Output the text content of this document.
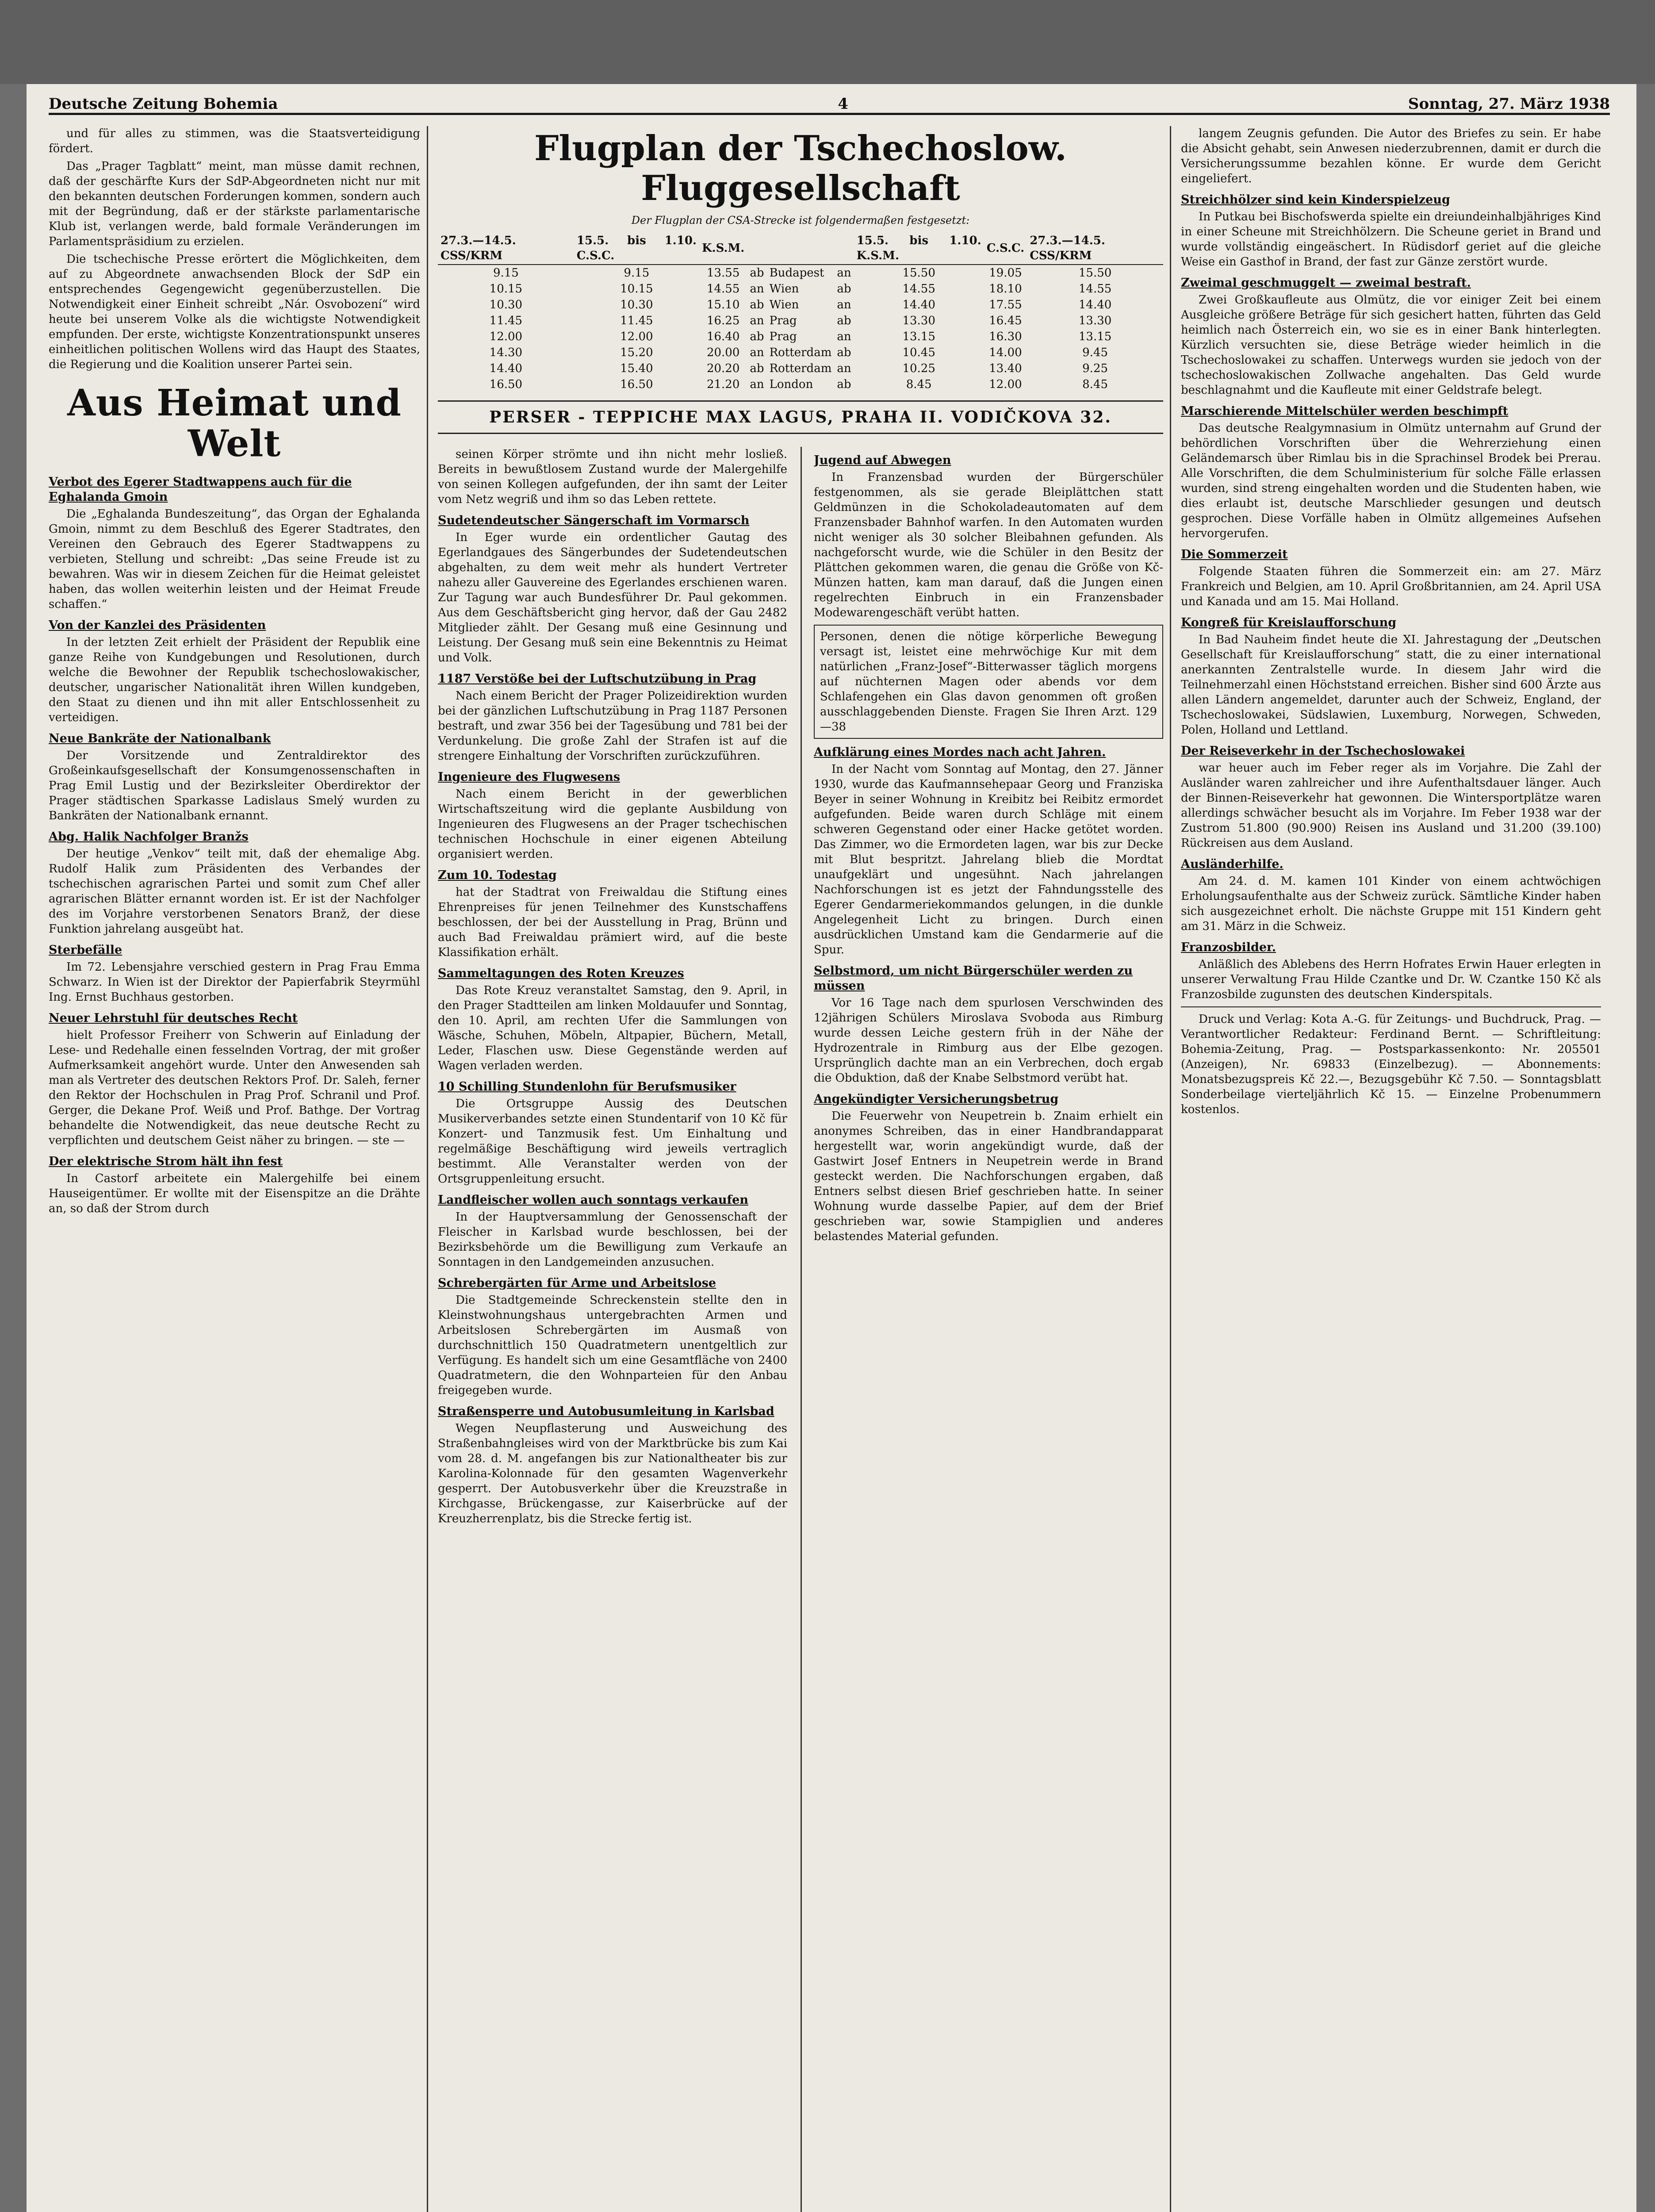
Deutsche Zeitung Bohemia	4	Sonntag, 27. März 1938

und für alles zu stimmen, was die Staatsverteidigung fördert.

Das „Prager Tagblatt“ meint, man müsse damit rechnen, daß der geschärfte Kurs der SdP-Abgeordneten nicht nur mit den bekannten deutschen Forderungen kommen, sondern auch mit der Begründung, daß er der stärkste parlamentarische Klub ist, verlangen werde, bald formale Veränderungen im Parlamentspräsidium zu erzielen.

Die tschechische Presse erörtert die Möglichkeiten, dem auf zu Abgeordnete anwachsenden Block der SdP ein entsprechendes Gegengewicht gegenüberzustellen. Die Notwendigkeit einer Einheit schreibt „Nár. Osvobození“ wird heute bei unserem Volke als die wichtigste Notwendigkeit empfunden. Der erste, wichtigste Konzentrationspunkt unseres einheitlichen politischen Wollens wird das Haupt des Staates, die Regierung und die Koalition unserer Partei sein.

Aus Heimat und Welt
Verbot des Egerer Stadtwappens auch für die Eghalanda Gmoin

Die „Eghalanda Bundeszeitung“, das Organ der Eghalanda Gmoin, nimmt zu dem Beschluß des Egerer Stadtrates, den Vereinen den Gebrauch des Egerer Stadtwappens zu verbieten, Stellung und schreibt: „Das seine Freude ist zu bewahren. Was wir in diesem Zeichen für die Heimat geleistet haben, das wollen weiterhin leisten und der Heimat Freude schaffen.“

Von der Kanzlei des Präsidenten

In der letzten Zeit erhielt der Präsident der Republik eine ganze Reihe von Kundgebungen und Resolutionen, durch welche die Bewohner der Republik tschechoslowakischer, deutscher, ungarischer Nationalität ihren Willen kundgeben, den Staat zu dienen und ihn mit aller Entschlossenheit zu verteidigen.

Neue Bankräte der Nationalbank

Der Vorsitzende und Zentraldirektor des Großeinkaufsgesellschaft der Konsumgenossenschaften in Prag Emil Lustig und der Bezirksleiter Oberdirektor der Prager städtischen Sparkasse Ladislaus Smelý wurden zu Bankräten der Nationalbank ernannt.

Abg. Halik Nachfolger Branžs

Der heutige „Venkov“ teilt mit, daß der ehemalige Abg. Rudolf Halik zum Präsidenten des Verbandes der tschechischen agrarischen Partei und somit zum Chef aller agrarischen Blätter ernannt worden ist. Er ist der Nachfolger des im Vorjahre verstorbenen Senators Branž, der diese Funktion jahrelang ausgeübt hat.

Sterbefälle

Im 72. Lebensjahre verschied gestern in Prag Frau Emma Schwarz. In Wien ist der Direktor der Papierfabrik Steyrmühl Ing. Ernst Buchhaus gestorben.

Neuer Lehrstuhl für deutsches Recht

hielt Professor Freiherr von Schwerin auf Einladung der Lese- und Redehalle einen fesselnden Vortrag, der mit großer Aufmerksamkeit angehört wurde. Unter den Anwesenden sah man als Vertreter des deutschen Rektors Prof. Dr. Saleh, ferner den Rektor der Hochschulen in Prag Prof. Schranil und Prof. Gerger, die Dekane Prof. Weiß und Prof. Bathge. Der Vortrag behandelte die Notwendigkeit, das neue deutsche Recht zu verpflichten und deutschem Geist näher zu bringen. — ste —

Der elektrische Strom hält ihn fest

In Castorf arbeitete ein Malergehilfe bei einem Hauseigentümer. Er wollte mit der Eisenspitze an die Drähte an, so daß der Strom durch

Flugplan der Tschechoslow. Fluggesellschaft
Der Flugplan der CSA-Strecke ist folgendermaßen festgesetzt:
27.3.—14.5. CSS/KRM	15.5. bis 1.10. C.S.C.	K.S.M.				15.5. bis 1.10. K.S.M.	C.S.C.	27.3.—14.5. CSS/KRM
9.15	9.15	13.55	ab	Budapest	an	15.50	19.05	15.50
10.15	10.15	14.55	an	Wien	ab	14.55	18.10	14.55
10.30	10.30	15.10	ab	Wien	an	14.40	17.55	14.40
11.45	11.45	16.25	an	Prag	ab	13.30	16.45	13.30
12.00	12.00	16.40	ab	Prag	an	13.15	16.30	13.15
14.30	15.20	20.00	an	Rotterdam	ab	10.45	14.00	9.45
14.40	15.40	20.20	ab	Rotterdam	an	10.25	13.40	9.25
16.50	16.50	21.20	an	London	ab	8.45	12.00	8.45
PERSER - TEPPICHE MAX LAGUS, PRAHA II. VODIČKOVA 32.

seinen Körper strömte und ihn nicht mehr losließ. Bereits in bewußtlosem Zustand wurde der Malergehilfe von seinen Kollegen aufgefunden, der ihn samt der Leiter vom Netz wegriß und ihm so das Leben rettete.

Sudetendeutscher Sängerschaft im Vormarsch

In Eger wurde ein ordentlicher Gautag des Egerlandgaues des Sängerbundes der Sudetendeutschen abgehalten, zu dem weit mehr als hundert Vertreter nahezu aller Gauvereine des Egerlandes erschienen waren. Zur Tagung war auch Bundesführer Dr. Paul gekommen. Aus dem Geschäftsbericht ging hervor, daß der Gau 2482 Mitglieder zählt. Der Gesang muß eine Gesinnung und Leistung. Der Gesang muß sein eine Bekenntnis zu Heimat und Volk.

1187 Verstöße bei der Luftschutzübung in Prag

Nach einem Bericht der Prager Polizeidirektion wurden bei der gänzlichen Luftschutzübung in Prag 1187 Personen bestraft, und zwar 356 bei der Tagesübung und 781 bei der Verdunkelung. Die große Zahl der Strafen ist auf die strengere Einhaltung der Vorschriften zurückzuführen.

Ingenieure des Flugwesens

Nach einem Bericht in der gewerblichen Wirtschaftszeitung wird die geplante Ausbildung von Ingenieuren des Flugwesens an der Prager tschechischen technischen Hochschule in einer eigenen Abteilung organisiert werden.

Zum 10. Todestag

hat der Stadtrat von Freiwaldau die Stiftung eines Ehrenpreises für jenen Teilnehmer des Kunstschaffens beschlossen, der bei der Ausstellung in Prag, Brünn und auch Bad Freiwaldau prämiert wird, auf die beste Klassifikation erhält.

Sammeltagungen des Roten Kreuzes

Das Rote Kreuz veranstaltet Samstag, den 9. April, in den Prager Stadtteilen am linken Moldauufer und Sonntag, den 10. April, am rechten Ufer die Sammlungen von Wäsche, Schuhen, Möbeln, Altpapier, Büchern, Metall, Leder, Flaschen usw. Diese Gegenstände werden auf Wagen verladen werden.

10 Schilling Stundenlohn für Berufsmusiker

Die Ortsgruppe Aussig des Deutschen Musikerverbandes setzte einen Stundentarif von 10 Kč für Konzert- und Tanzmusik fest. Um Einhaltung und regelmäßige Beschäftigung wird jeweils vertraglich bestimmt. Alle Veranstalter werden von der Ortsgruppenleitung ersucht.

Landfleischer wollen auch sonntags verkaufen

In der Hauptversammlung der Genossenschaft der Fleischer in Karlsbad wurde beschlossen, bei der Bezirksbehörde um die Bewilligung zum Verkaufe an Sonntagen in den Landgemeinden anzusuchen.

Schrebergärten für Arme und Arbeitslose

Die Stadtgemeinde Schreckenstein stellte den in Kleinstwohnungshaus untergebrachten Armen und Arbeitslosen Schrebergärten im Ausmaß von durchschnittlich 150 Quadratmetern unentgeltlich zur Verfügung. Es handelt sich um eine Gesamtfläche von 2400 Quadratmetern, die den Wohnparteien für den Anbau freigegeben wurde.

Straßensperre und Autobusumleitung in Karlsbad

Wegen Neupflasterung und Ausweichung des Straßenbahngleises wird von der Marktbrücke bis zum Kai vom 28. d. M. angefangen bis zur Nationaltheater bis zur Karolina-Kolonnade für den gesamten Wagenverkehr gesperrt. Der Autobusverkehr über die Kreuzstraße in Kirchgasse, Brückengasse, zur Kaiserbrücke auf der Kreuzherrenplatz, bis die Strecke fertig ist.

Jugend auf Abwegen

In Franzensbad wurden der Bürgerschüler festgenommen, als sie gerade Bleiplättchen statt Geldmünzen in die Schokoladeautomaten auf dem Franzensbader Bahnhof warfen. In den Automaten wurden nicht weniger als 30 solcher Bleibahnen gefunden. Als nachgeforscht wurde, wie die Schüler in den Besitz der Plättchen gekommen waren, die genau die Größe von Kč-Münzen hatten, kam man darauf, daß die Jungen einen regelrechten Einbruch in ein Franzensbader Modewarengeschäft verübt hatten.

Personen, denen die nötige körperliche Bewegung versagt ist, leistet eine mehrwöchige Kur mit dem natürlichen „Franz-Josef“-Bitterwasser täglich morgens auf nüchternen Magen oder abends vor dem Schlafengehen ein Glas davon genommen oft großen ausschlaggebenden Dienste. Fragen Sie Ihren Arzt. 129—38
Aufklärung eines Mordes nach acht Jahren.

In der Nacht vom Sonntag auf Montag, den 27. Jänner 1930, wurde das Kaufmannsehepaar Georg und Franziska Beyer in seiner Wohnung in Kreibitz bei Reibitz ermordet aufgefunden. Beide waren durch Schläge mit einem schweren Gegenstand oder einer Hacke getötet worden. Das Zimmer, wo die Ermordeten lagen, war bis zur Decke mit Blut bespritzt. Jahrelang blieb die Mordtat unaufgeklärt und ungesühnt. Nach jahrelangen Nachforschungen ist es jetzt der Fahndungsstelle des Egerer Gendarmeriekommandos gelungen, in die dunkle Angelegenheit Licht zu bringen. Durch einen ausdrücklichen Umstand kam die Gendarmerie auf die Spur.

Selbstmord, um nicht Bürgerschüler werden zu müssen

Vor 16 Tage nach dem spurlosen Verschwinden des 12jährigen Schülers Miroslava Svoboda aus Rimburg wurde dessen Leiche gestern früh in der Nähe der Hydrozentrale in Rimburg aus der Elbe gezogen. Ursprünglich dachte man an ein Verbrechen, doch ergab die Obduktion, daß der Knabe Selbstmord verübt hat.

Angekündigter Versicherungsbetrug

Die Feuerwehr von Neupetrein b. Znaim erhielt ein anonymes Schreiben, das in einer Handbrandapparat hergestellt war, worin angekündigt wurde, daß der Gastwirt Josef Entners in Neupetrein werde in Brand gesteckt werden. Die Nachforschungen ergaben, daß Entners selbst diesen Brief geschrieben hatte. In seiner Wohnung wurde dasselbe Papier, auf dem der Brief geschrieben war, sowie Stampiglien und anderes belastendes Material gefunden.

langem Zeugnis gefunden. Die Autor des Briefes zu sein. Er habe die Absicht gehabt, sein Anwesen niederzubrennen, damit er durch die Versicherungssumme bezahlen könne. Er wurde dem Gericht eingeliefert.

Streichhölzer sind kein Kinderspielzeug

In Putkau bei Bischofswerda spielte ein dreiundeinhalbjähriges Kind in einer Scheune mit Streichhölzern. Die Scheune geriet in Brand und wurde vollständig eingeäschert. In Rüdisdorf geriet auf die gleiche Weise ein Gasthof in Brand, der fast zur Gänze zerstört wurde.

Zweimal geschmuggelt — zweimal bestraft.

Zwei Großkaufleute aus Olmütz, die vor einiger Zeit bei einem Ausgleiche größere Beträge für sich gesichert hatten, führten das Geld heimlich nach Österreich ein, wo sie es in einer Bank hinterlegten. Kürzlich versuchten sie, diese Beträge wieder heimlich in die Tschechoslowakei zu schaffen. Unterwegs wurden sie jedoch von der tschechoslowakischen Zollwache angehalten. Das Geld wurde beschlagnahmt und die Kaufleute mit einer Geldstrafe belegt.

Marschierende Mittelschüler werden beschimpft

Das deutsche Realgymnasium in Olmütz unternahm auf Grund der behördlichen Vorschriften über die Wehrerziehung einen Geländemarsch über Rimlau bis in die Sprachinsel Brodek bei Prerau. Alle Vorschriften, die dem Schulministerium für solche Fälle erlassen wurden, sind streng eingehalten worden und die Studenten haben, wie dies erlaubt ist, deutsche Marschlieder gesungen und deutsch gesprochen. Diese Vorfälle haben in Olmütz allgemeines Aufsehen hervorgerufen.

Die Sommerzeit

Folgende Staaten führen die Sommerzeit ein: am 27. März Frankreich und Belgien, am 10. April Großbritannien, am 24. April USA und Kanada und am 15. Mai Holland.

Kongreß für Kreislaufforschung

In Bad Nauheim findet heute die XI. Jahrestagung der „Deutschen Gesellschaft für Kreislaufforschung“ statt, die zu einer international anerkannten Zentralstelle wurde. In diesem Jahr wird die Teilnehmerzahl einen Höchststand erreichen. Bisher sind 600 Ärzte aus allen Ländern angemeldet, darunter auch der Schweiz, England, der Tschechoslowakei, Südslawien, Luxemburg, Norwegen, Schweden, Polen, Holland und Lettland.

Der Reiseverkehr in der Tschechoslowakei

war heuer auch im Feber reger als im Vorjahre. Die Zahl der Ausländer waren zahlreicher und ihre Aufenthaltsdauer länger. Auch der Binnen-Reiseverkehr hat gewonnen. Die Wintersportplätze waren allerdings schwächer besucht als im Vorjahre. Im Feber 1938 war der Zustrom 51.800 (90.900) Reisen ins Ausland und 31.200 (39.100) Rückreisen aus dem Ausland.

Ausländerhilfe.

Am 24. d. M. kamen 101 Kinder von einem achtwöchigen Erholungsaufenthalte aus der Schweiz zurück. Sämtliche Kinder haben sich ausgezeichnet erholt. Die nächste Gruppe mit 151 Kindern geht am 31. März in die Schweiz.

Franzosbilder.

Anläßlich des Ablebens des Herrn Hofrates Erwin Hauer erlegten in unserer Verwaltung Frau Hilde Czantke und Dr. W. Czantke 150 Kč als Franzosbilde zugunsten des deutschen Kinderspitals.

Druck und Verlag: Kota A.-G. für Zeitungs- und Buchdruck, Prag. — Verantwortlicher Redakteur: Ferdinand Bernt. — Schriftleitung: Bohemia-Zeitung, Prag. — Postsparkassenkonto: Nr. 205501 (Anzeigen), Nr. 69833 (Einzelbezug). — Abonnements: Monatsbezugspreis Kč 22.—, Bezugsgebühr Kč 7.50. — Sonntagsblatt Sonderbeilage vierteljährlich Kč 15. — Einzelne Probenummern kostenlos.
